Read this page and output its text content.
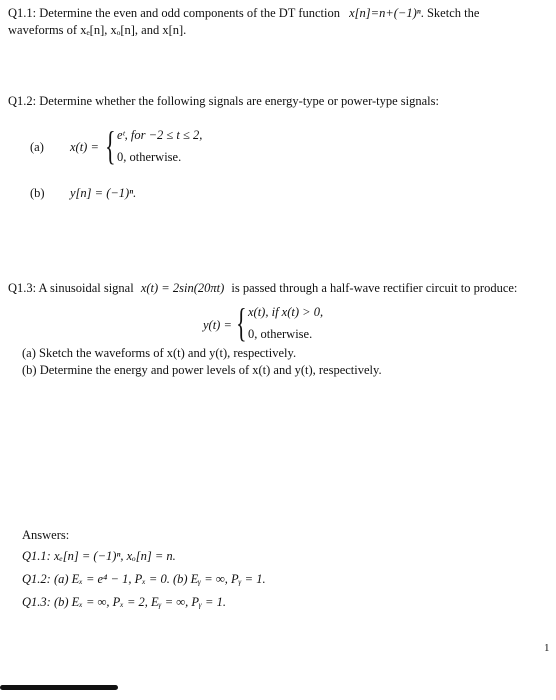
Q1.1: Determine the even and odd components of the DT function x[n]=n+(−1)ⁿ. Sketch the
waveforms of xₑ[n], xₒ[n], and x[n].
Q1.2: Determine whether the following signals are energy-type or power-type signals:
(a) x(t) = { eᵗ, for −2 ≤ t ≤ 2,
0, otherwise.
(b) y[n] = (−1)ⁿ.
Q1.3: A sinusoidal signal x(t) = 2sin(20πt) is passed through a half-wave rectifier circuit to produce:
y(t) = { x(t), if x(t) > 0,
0, otherwise.
(a) Sketch the waveforms of x(t) and y(t), respectively.
(b) Determine the energy and power levels of x(t) and y(t), respectively.
Answers:
Q1.1: xₑ[n] = (−1)ⁿ, xₒ[n] = n.
Q1.2: (a) Eₓ = e⁴ − 1, Pₓ = 0. (b) Eᵧ = ∞, Pᵧ = 1.
Q1.3: (b) Eₓ = ∞, Pₓ = 2, Eᵧ = ∞, Pᵧ = 1.
1
